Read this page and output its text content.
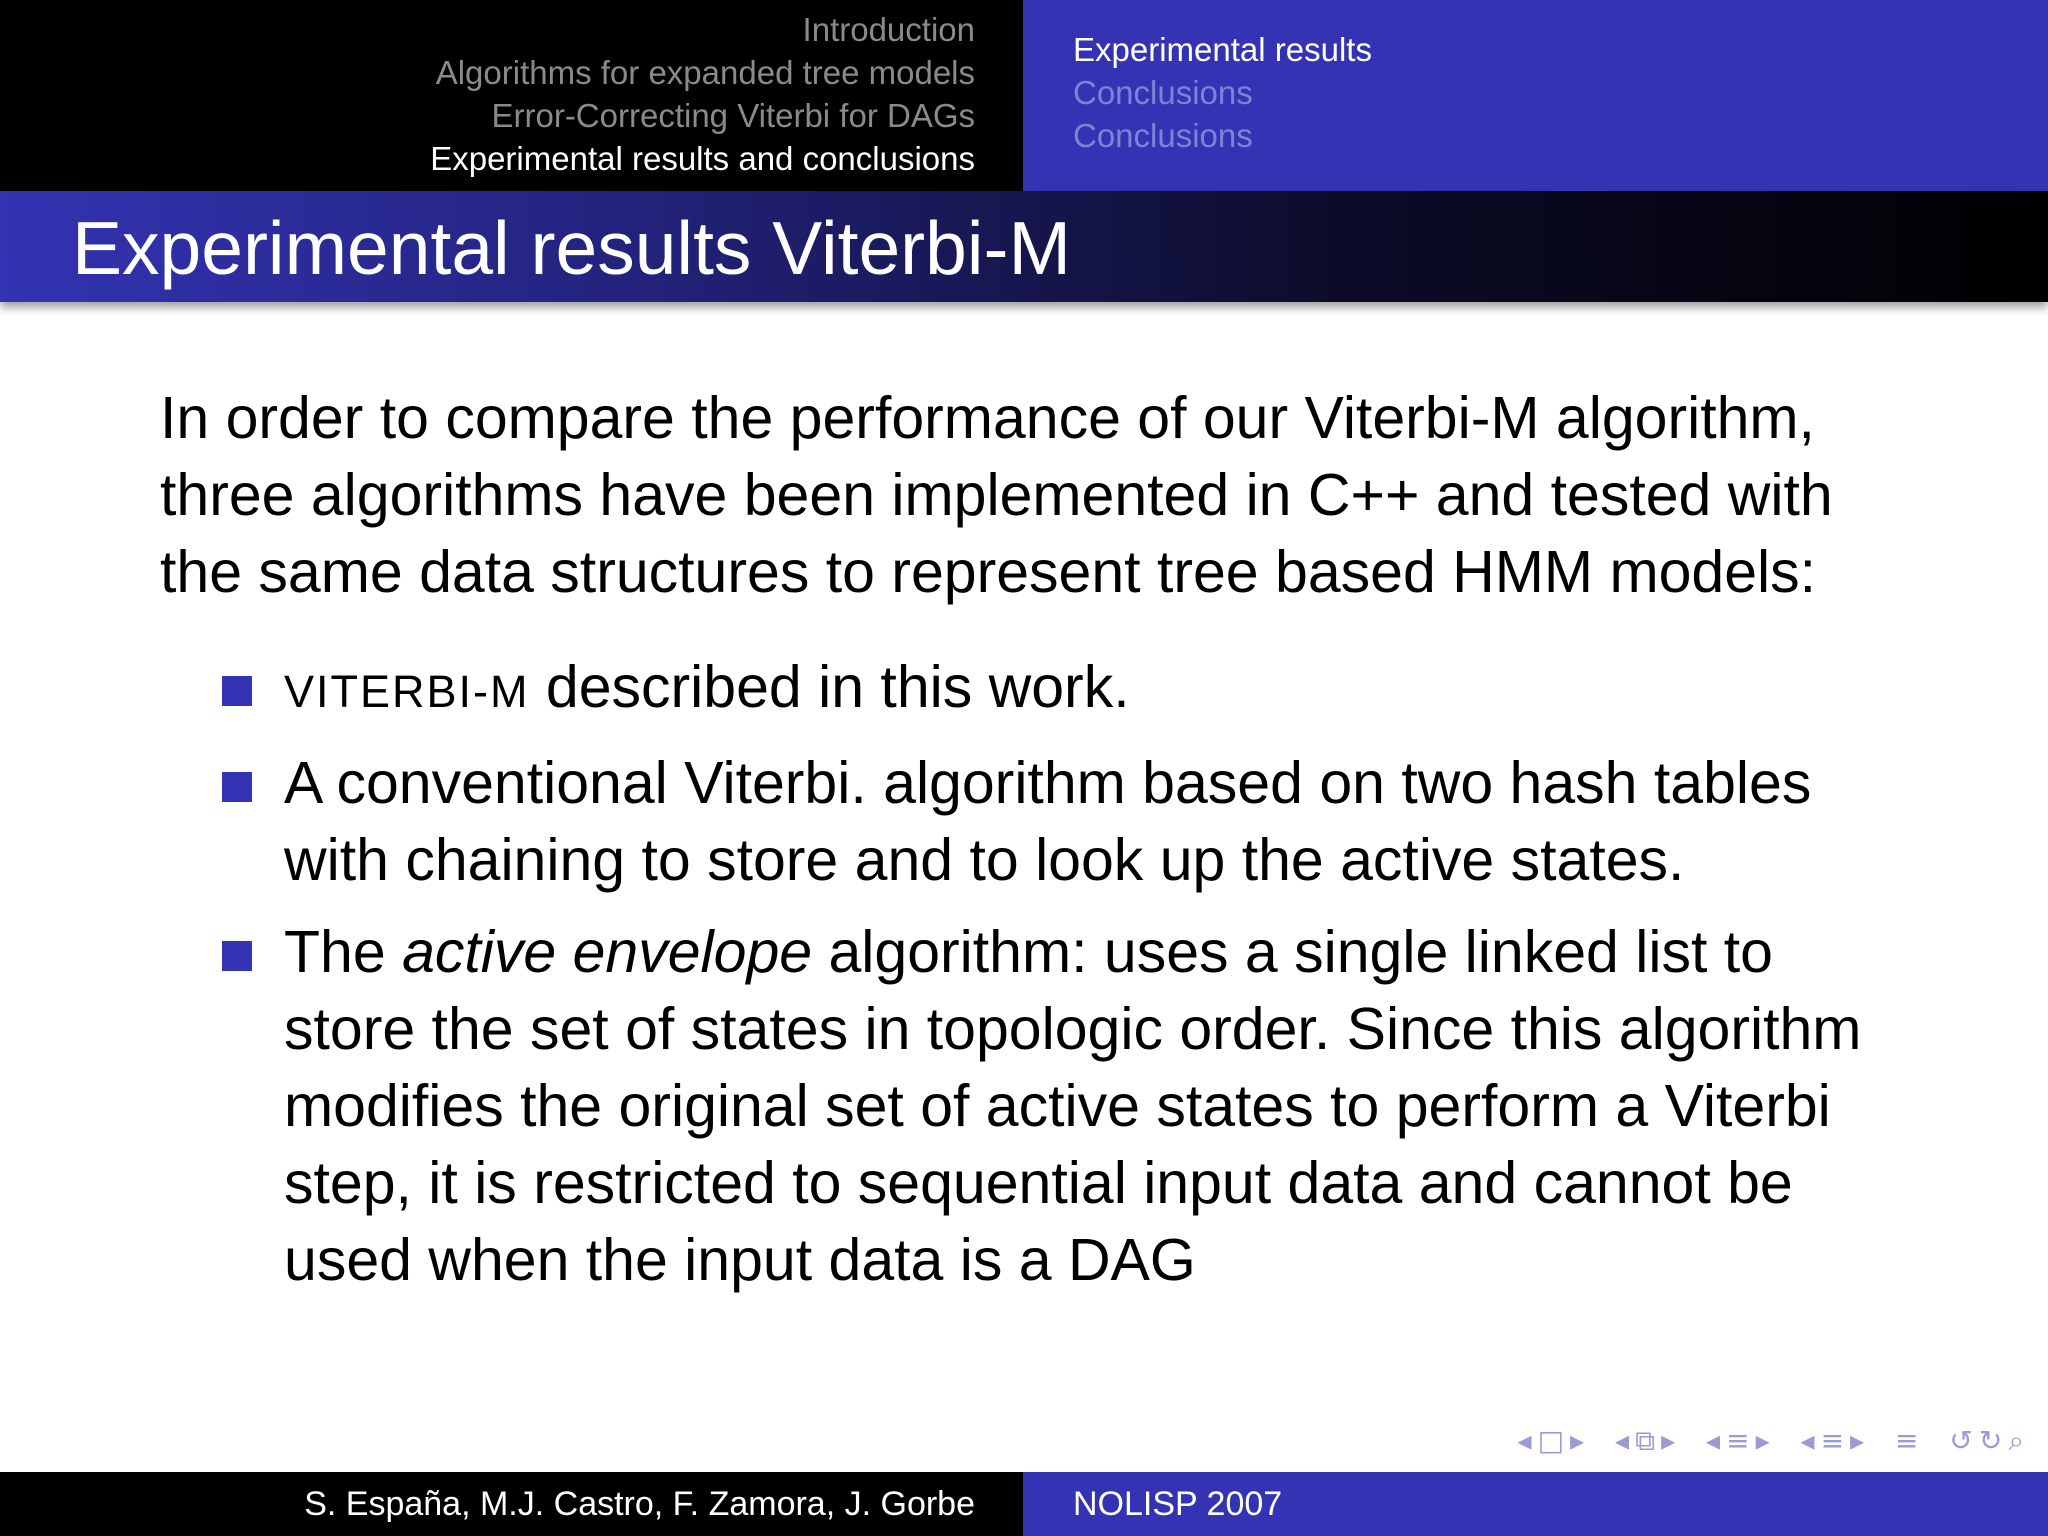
Introduction
Algorithms for expanded tree models
Error-Correcting Viterbi for DAGs
Experimental results and conclusions
Experimental results
Conclusions
Conclusions
Experimental results Viterbi-M

In order to compare the performance of our Viterbi-M algorithm, three algorithms have been implemented in C++ and tested with the same data structures to represent tree based HMM models:

VITERBI-M described in this work.
A conventional Viterbi. algorithm based on two hash tables with chaining to store and to look up the active states.
The active envelope algorithm: uses a single linked list to store the set of states in topologic order. Since this algorithm modifies the original set of active states to perform a Viterbi step, it is restricted to sequential input data and cannot be used when the input data is a DAG
◂□▸ ◂⧉▸ ◂≡▸ ◂≡▸ ≡ ↺↻⌕
S. España, M.J. Castro, F. Zamora, J. Gorbe	NOLISP 2007
